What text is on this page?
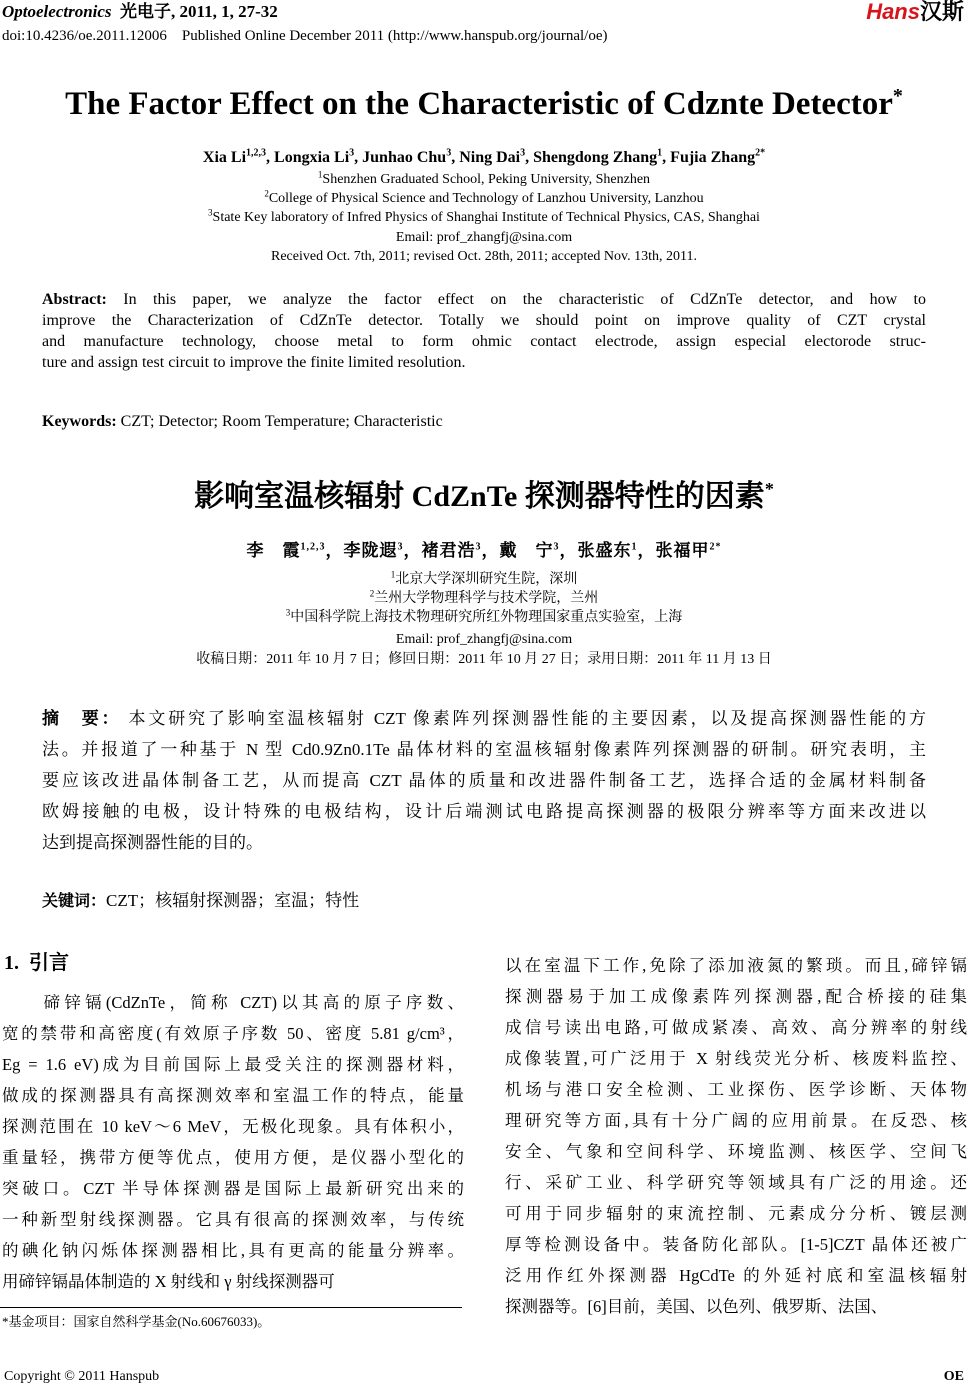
Optoelectronics 光电子, 2011, 1, 27-32
doi:10.4236/oe.2011.12006    Published Online December 2011 (http://www.hanspub.org/journal/oe)
Hans汉斯
The Factor Effect on the Characteristic of Cdznte Detector*
Xia Li$^{1,2,3}$, Longxia Li$^3$, Junhao Chu$^3$, Ning Dai$^3$, Shengdong Zhang$^1$, Fujia Zhang$^{2*}$
$^1$Shenzhen Graduated School, Peking University, Shenzhen
$^2$College of Physical Science and Technology of Lanzhou University, Lanzhou
$^3$State Key laboratory of Infred Physics of Shanghai Institute of Technical Physics, CAS, Shanghai
Email: prof_zhangfj@sina.com
Received Oct. 7th, 2011; revised Oct. 28th, 2011; accepted Nov. 13th, 2011.
Abstract: In this paper, we analyze the factor effect on the characteristic of CdZnTe detector, and how to
improve the Characterization of CdZnTe detector. Totally we should point on improve quality of CZT crystal
and manufacture technology, choose metal to form ohmic contact electrode, assign especial electorode struc-
ture and assign test circuit to improve the finite limited resolution.
Keywords: CZT; Detector; Room Temperature; Characteristic
影响室温核辐射 CdZnTe 探测器特性的因素*
李　霞$^{1,2,3}$，李陇遐$^3$，褚君浩$^3$，戴　宁$^3$，张盛东$^1$，张福甲$^{2*}$
$^1$北京大学深圳研究生院，深圳
$^2$兰州大学物理科学与技术学院，兰州
$^3$中国科学院上海技术物理研究所红外物理国家重点实验室，上海
Email: prof_zhangfj@sina.com
收稿日期：2011 年 10 月 7 日；修回日期：2011 年 10 月 27 日；录用日期：2011 年 11 月 13 日
摘　要： 本文研究了影响室温核辐射 CZT 像素阵列探测器性能的主要因素，以及提高探测器性能的方
法。并报道了一种基于 N 型 Cd0.9Zn0.1Te 晶体材料的室温核辐射像素阵列探测器的研制。研究表明，主
要应该改进晶体制备工艺，从而提高 CZT 晶体的质量和改进器件制备工艺，选择合适的金属材料制备
欧姆接触的电极，设计特殊的电极结构，设计后端测试电路提高探测器的极限分辨率等方面来改进以
达到提高探测器性能的目的。
关键词：CZT；核辐射探测器；室温；特性
1.  引言
　　碲锌镉(CdZnTe，简称 CZT)以其高的原子序数、
宽的禁带和高密度(有效原子序数 50、密度 5.81 g/cm³，
Eg = 1.6 eV)成为目前国际上最受关注的探测器材料，
做成的探测器具有高探测效率和室温工作的特点，能量
探测范围在 10 keV～6 MeV，无极化现象。具有体积小，
重量轻，携带方便等优点，使用方便，是仪器小型化的
突破口。CZT 半导体探测器是国际上最新研究出来的
一种新型射线探测器。它具有很高的探测效率，与传统
的碘化钠闪烁体探测器相比,具有更高的能量分辨率。
用碲锌镉晶体制造的 X 射线和 γ 射线探测器可
以在室温下工作,免除了添加液氮的繁琐。而且,碲锌镉
探测器易于加工成像素阵列探测器,配合桥接的硅集
成信号读出电路,可做成紧凑、高效、高分辨率的射线
成像装置,可广泛用于 X 射线荧光分析、核废料监控、
机场与港口安全检测、工业探伤、医学诊断、天体物
理研究等方面,具有十分广阔的应用前景。在反恐、核
安全、气象和空间科学、环境监测、核医学、空间飞
行、采矿工业、科学研究等领域具有广泛的用途。还
可用于同步辐射的束流控制、元素成分分析、镀层测
厚等检测设备中。装备防化部队。[1-5]CZT 晶体还被广
泛用作红外探测器 HgCdTe 的外延衬底和室温核辐射
探测器等。[6]目前，美国、以色列、俄罗斯、法国、
*基金项目：国家自然科学基金(No.60676033)。
Copyright © 2011 Hanspub	OE
